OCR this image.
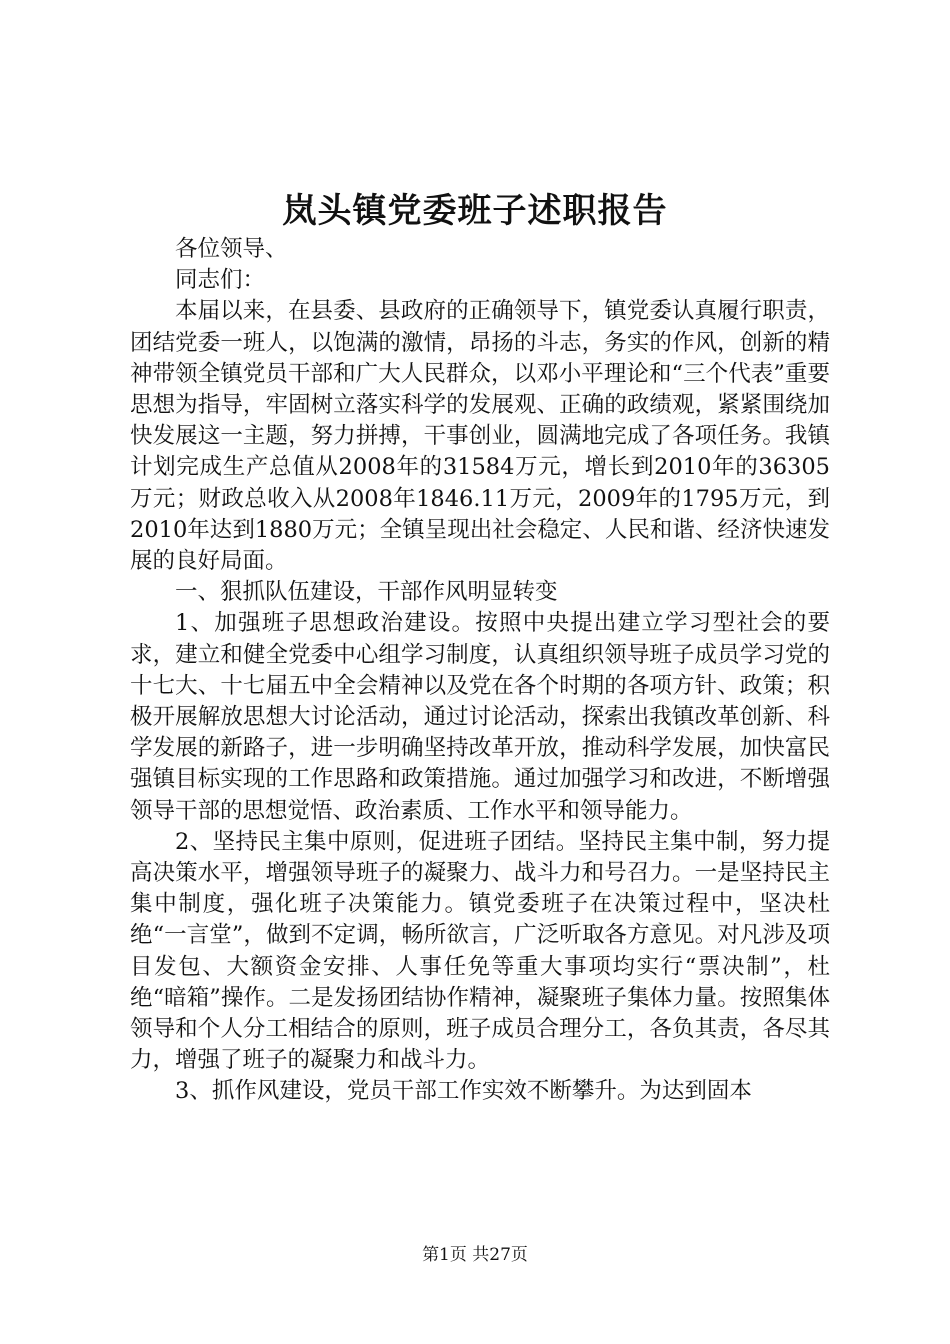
岚头镇党委班子述职报告

各位领导、

同志们：

本届以来，在县委、县政府的正确领导下，镇党委认真履行职责，团结党委一班人，以饱满的激情，昂扬的斗志，务实的作风，创新的精神带领全镇党员干部和广大人民群众，以邓小平理论和“三个代表”重要思想为指导，牢固树立落实科学的发展观、正确的政绩观，紧紧围绕加快发展这一主题，努力拼搏，干事创业，圆满地完成了各项任务。我镇计划完成生产总值从2008年的31584万元，增长到2010年的36305万元；财政总收入从2008年1846.11万元，2009年的1795万元，到2010年达到1880万元；全镇呈现出社会稳定、人民和谐、经济快速发展的良好局面。

一、狠抓队伍建设，干部作风明显转变

1、加强班子思想政治建设。按照中央提出建立学习型社会的要求，建立和健全党委中心组学习制度，认真组织领导班子成员学习党的十七大、十七届五中全会精神以及党在各个时期的各项方针、政策；积极开展解放思想大讨论活动，通过讨论活动，探索出我镇改革创新、科学发展的新路子，进一步明确坚持改革开放，推动科学发展，加快富民强镇目标实现的工作思路和政策措施。通过加强学习和改进，不断增强领导干部的思想觉悟、政治素质、工作水平和领导能力。

2、坚持民主集中原则，促进班子团结。坚持民主集中制，努力提高决策水平，增强领导班子的凝聚力、战斗力和号召力。一是坚持民主集中制度，强化班子决策能力。镇党委班子在决策过程中，坚决杜绝“一言堂”，做到不定调，畅所欲言，广泛听取各方意见。对凡涉及项目发包、大额资金安排、人事任免等重大事项均实行“票决制”，杜绝“暗箱”操作。二是发扬团结协作精神，凝聚班子集体力量。按照集体领导和个人分工相结合的原则，班子成员合理分工，各负其责，各尽其力，增强了班子的凝聚力和战斗力。

3、抓作风建设，党员干部工作实效不断攀升。为达到固本

第1页 共27页
